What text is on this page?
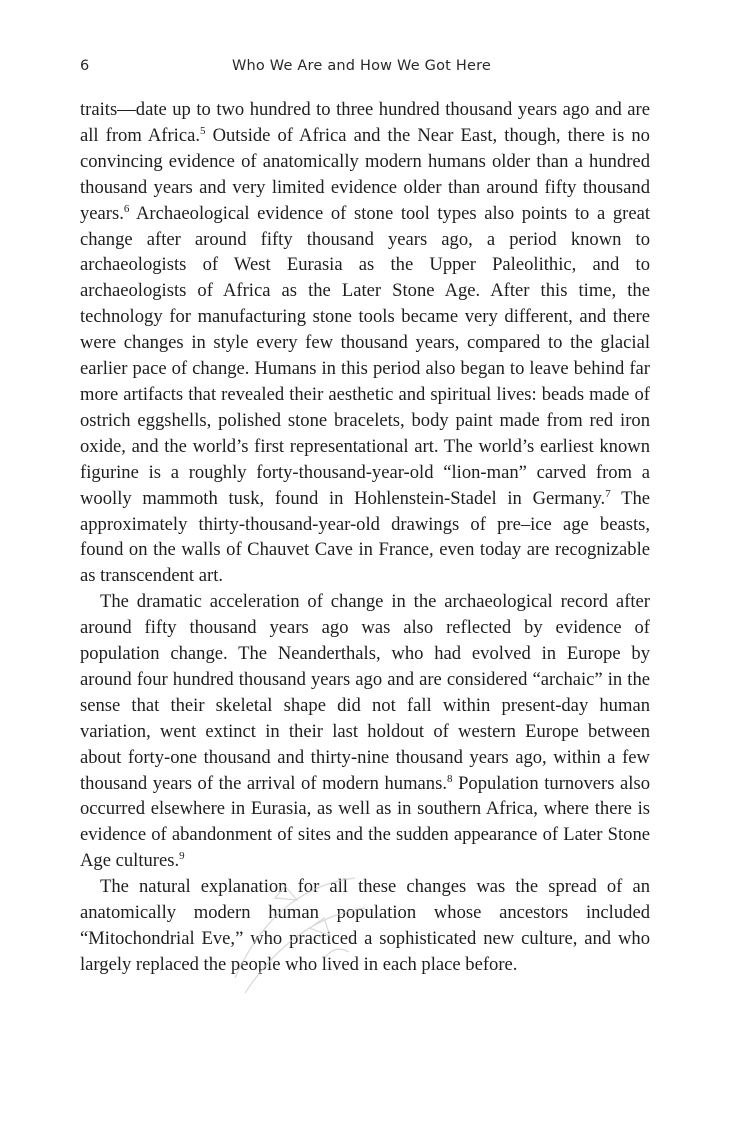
6	Who We Are and How We Got Here

traits—date up to two hundred to three hundred thousand years ago and are all from Africa.$^5$ Outside of Africa and the Near East, though, there is no convincing evidence of anatomically modern humans older than a hundred thousand years and very limited evidence older than around fifty thousand years.$^6$ Archaeological evidence of stone tool types also points to a great change after around fifty thousand years ago, a period known to archaeologists of West Eurasia as the Upper Paleolithic, and to archaeologists of Africa as the Later Stone Age. After this time, the technology for manufacturing stone tools became very different, and there were changes in style every few thousand years, compared to the glacial earlier pace of change. Humans in this period also began to leave behind far more artifacts that revealed their aesthetic and spiritual lives: beads made of ostrich eggshells, polished stone bracelets, body paint made from red iron oxide, and the world’s first representational art. The world’s earliest known figurine is a roughly forty-thousand-year-old “lion-man” carved from a woolly mammoth tusk, found in Hohlenstein-Stadel in Germany.$^7$ The approximately thirty-thousand-year-old drawings of pre–ice age beasts, found on the walls of Chauvet Cave in France, even today are recognizable as transcendent art.

The dramatic acceleration of change in the archaeological record after around fifty thousand years ago was also reflected by evidence of population change. The Neanderthals, who had evolved in Europe by around four hundred thousand years ago and are considered “archaic” in the sense that their skeletal shape did not fall within present-day human variation, went extinct in their last holdout of western Europe between about forty-one thousand and thirty-nine thousand years ago, within a few thousand years of the arrival of modern humans.$^8$ Population turnovers also occurred elsewhere in Eurasia, as well as in southern Africa, where there is evidence of abandonment of sites and the sudden appearance of Later Stone Age cultures.$^9$

The natural explanation for all these changes was the spread of an anatomically modern human population whose ancestors included “Mitochondrial Eve,” who practiced a sophisticated new culture, and who largely replaced the people who lived in each place before.
